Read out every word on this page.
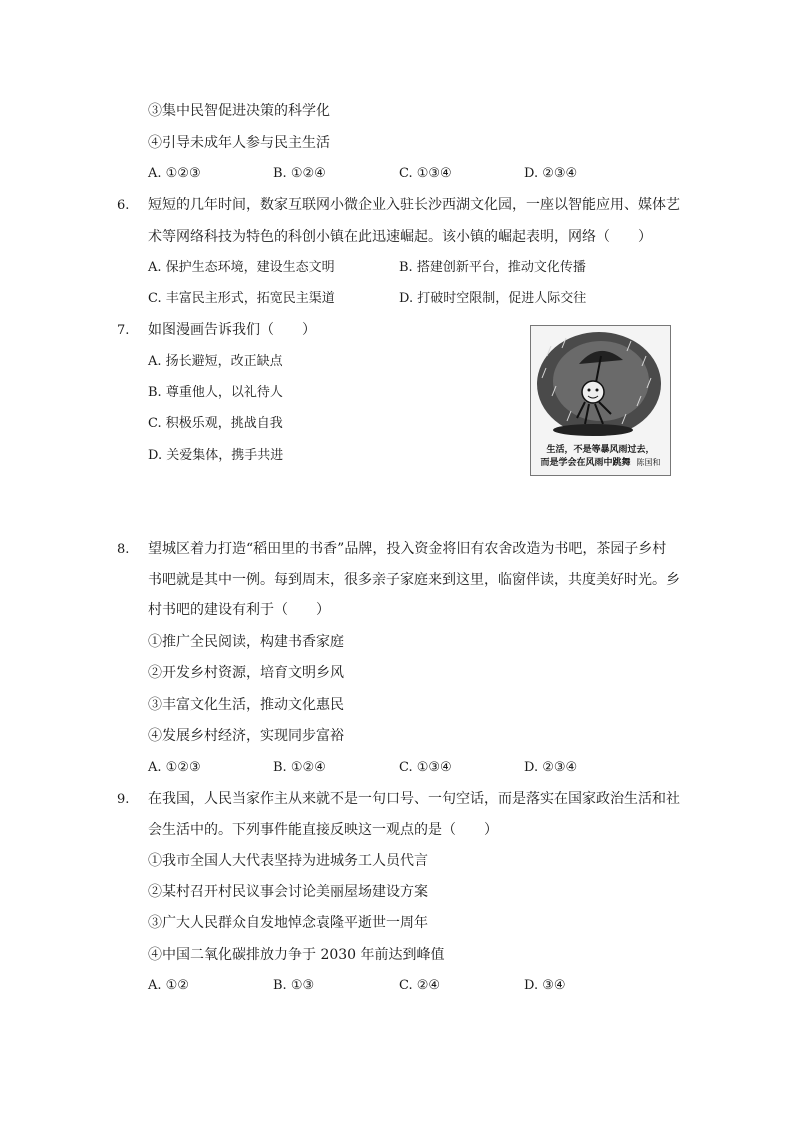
③集中民智促进决策的科学化
④引导未成年人参与民主生活
A. ①②③	B. ①②④	C. ①③④	D. ②③④
6. 短短的几年时间，数家互联网小微企业入驻长沙西湖文化园，一座以智能应用、媒体艺
术等网络科技为特色的科创小镇在此迅速崛起。该小镇的崛起表明，网络（　　）
A. 保护生态环境，建设生态文明	B. 搭建创新平台，推动文化传播
C. 丰富民主形式，拓宽民主渠道	D. 打破时空限制，促进人际交往
7. 如图漫画告诉我们（　　）
A. 扬长避短，改正缺点
B. 尊重他人，以礼待人
C. 积极乐观，挑战自我
D. 关爱集体，携手共进	生活，不是等暴风雨过去，
而是学会在风雨中跳舞 陈国和
8. 望城区着力打造“稻田里的书香”品牌，投入资金将旧有农舍改造为书吧，茶园子乡村
书吧就是其中一例。每到周末，很多亲子家庭来到这里，临窗伴读，共度美好时光。乡
村书吧的建设有利于（　　）
①推广全民阅读，构建书香家庭
②开发乡村资源，培育文明乡风
③丰富文化生活，推动文化惠民
④发展乡村经济，实现同步富裕
A. ①②③	B. ①②④	C. ①③④	D. ②③④
9. 在我国，人民当家作主从来就不是一句口号、一句空话，而是落实在国家政治生活和社
会生活中的。下列事件能直接反映这一观点的是（　　）
①我市全国人大代表坚持为进城务工人员代言
②某村召开村民议事会讨论美丽屋场建设方案
③广大人民群众自发地悼念袁隆平逝世一周年
④中国二氧化碳排放力争于 2030 年前达到峰值
A. ①②	B. ①③	C. ②④	D. ③④
